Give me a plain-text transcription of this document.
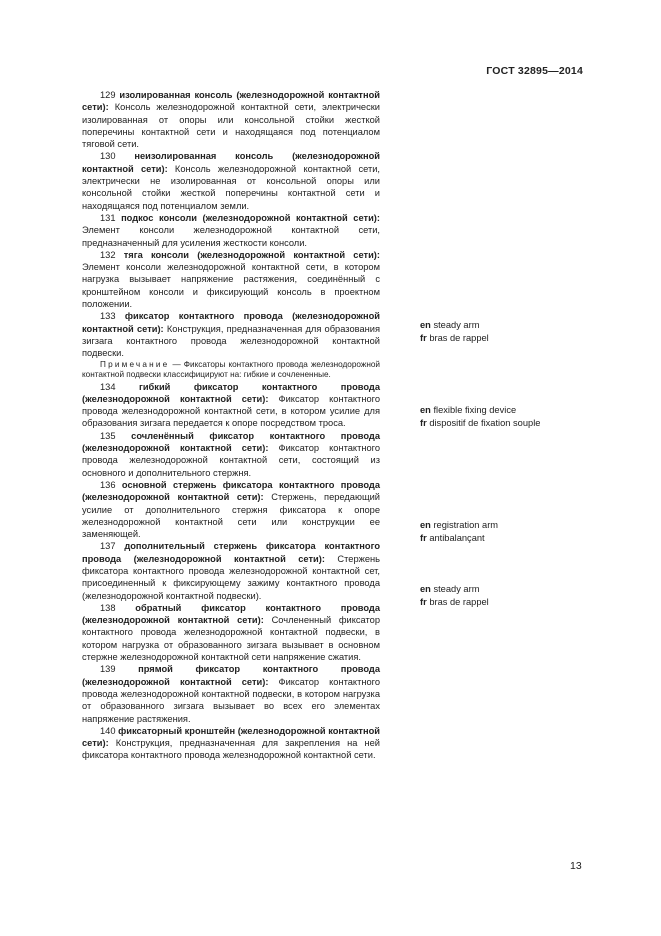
ГОСТ 32895—2014

129 изолированная консоль (железнодорожной контактной сети): Консоль железнодорожной контактной сети, электрически изолированная от опоры или консольной стойки жесткой поперечины контактной сети и находящаяся под потенциалом тяговой сети.

130 неизолированная консоль (железнодорожной контактной сети): Консоль железнодорожной контактной сети, электрически не изолированная от консольной опоры или консольной стойки жесткой поперечины контактной сети и находящаяся под потенциалом земли.

131 подкос консоли (железнодорожной контактной сети): Элемент консоли железнодорожной контактной сети, предназначенный для усиления жесткости консоли.

132 тяга консоли (железнодорожной контактной сети): Элемент консоли железнодорожной контактной сети, в котором нагрузка вызывает напряжение растяжения, соединённый с кронштейном консоли и фиксирующий консоль в проектном положении.

133 фиксатор контактного провода (железнодорожной контактной сети): Конструкция, предназначенная для образования зигзага контактного провода железнодорожной контактной подвески.

Примечание — Фиксаторы контактного провода железнодорожной контактной подвески классифицируют на: гибкие и сочлененные.

134	гибкий фиксатор контактного провода (железнодорожной контактной сети): Фиксатор контактного провода железнодорожной контактной сети, в котором усилие для образования зигзага передается к опоре посредством троса.

135 сочленённый фиксатор контактного провода (железнодорожной контактной сети): Фиксатор контактного провода железнодорожной контактной сети, состоящий из основного и дополнительного стержня.

136 основной стержень фиксатора контактного провода (железнодорожной контактной сети): Стержень, передающий усилие от дополнительного стержня фиксатора к опоре железнодорожной контактной сети или конструкции ее заменяющей.

137 дополнительный стержень фиксатора контактного провода (железнодорожной контактной сети): Стержень фиксатора контактного провода железнодорожной контактной сет, присоединенный к фиксирующему зажиму контактного провода (железнодорожной контактной подвески).

138 обратный фиксатор контактного провода (железнодорожной контактной сети): Сочлененный фиксатор контактного провода железнодорожной контактной подвески, в котором нагрузка от образованного зигзага вызывает в основном стержне железнодорожной контактной сети напряжение сжатия.

139 прямой фиксатор контактного провода (железнодорожной контактной сети): Фиксатор контактного провода железнодорожной контактной подвески, в котором нагрузка от образованного зигзага вызывает во всех его элементах напряжение растяжения.

140 фиксаторный кронштейн (железнодорожной контактной сети): Конструкция, предназначенная для закрепления на ней фиксатора контактного провода железнодорожной контактной сети.

en steady arm
fr bras de rappel
en flexible fixing device
fr dispositif de fixation souple
en registration arm
fr antibalançant
en steady arm
fr bras de rappel
13
